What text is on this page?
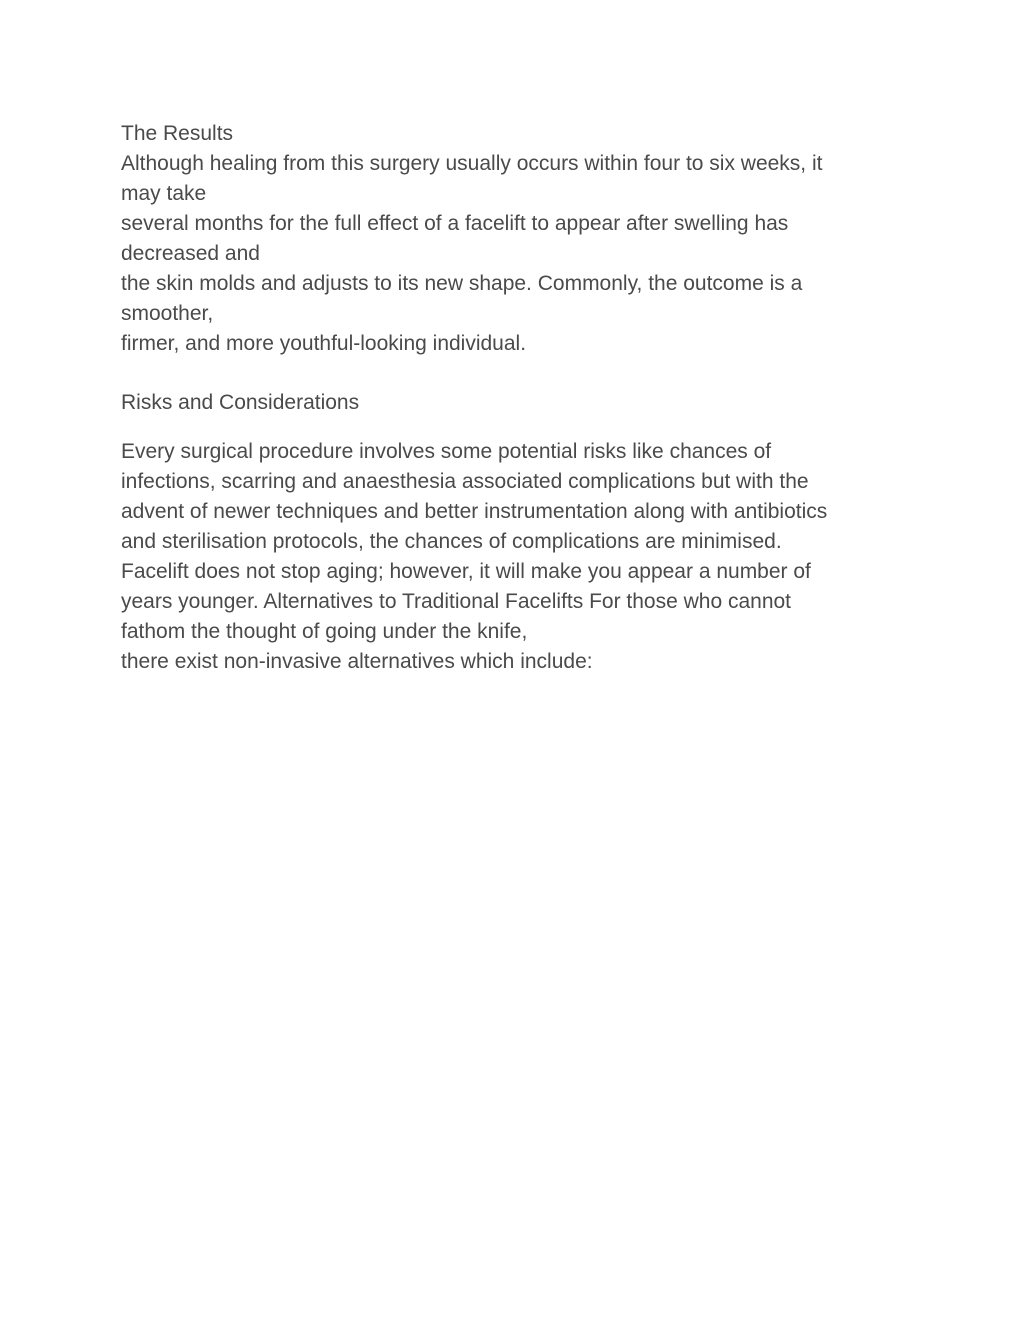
The Results
Although healing from this surgery usually occurs within four to six weeks, it
may take
several months for the full effect of a facelift to appear after swelling has
decreased and
the skin molds and adjusts to its new shape. Commonly, the outcome is a
smoother,
firmer, and more youthful-looking individual.
Risks and Considerations
Every surgical procedure involves some potential risks like chances of
infections, scarring and anaesthesia associated complications but with the
advent of newer techniques and better instrumentation along with antibiotics
and sterilisation protocols, the chances of complications are minimised.
Facelift does not stop aging; however, it will make you appear a number of
years younger. Alternatives to Traditional Facelifts For those who cannot
fathom the thought of going under the knife,
there exist non-invasive alternatives which include:
